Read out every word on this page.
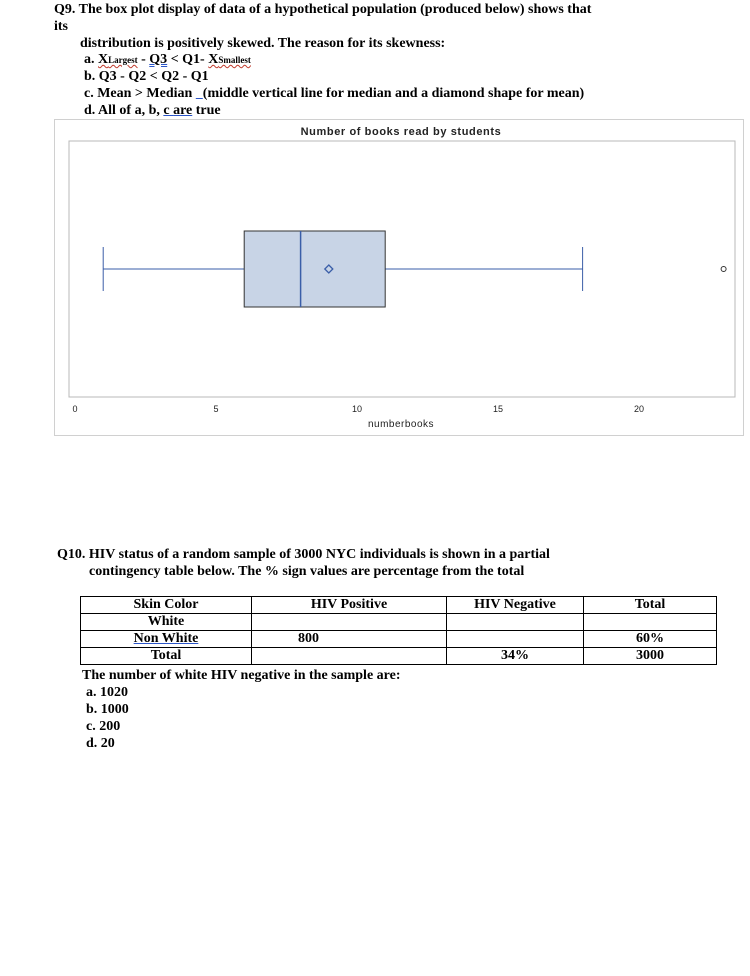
Q9. The box plot display of data of a hypothetical population (produced below) shows that
its
distribution is positively skewed. The reason for its skewness:
a. XLargest - Q3 < Q1- XSmallest
b. Q3 - Q2 < Q2 - Q1
c. Mean > Median   (middle vertical line for median and a diamond shape for mean)
d. All of a, b, c are true
Number of books read by students
0	5	10	15	20
numberbooks
Q10. HIV status of a random sample of 3000 NYC individuals is shown in a partial
contingency table below. The % sign values are percentage from the total
Skin Color	HIV Positive	HIV Negative	Total
White			
Non White	800		60%
Total		34%	3000
The number of white HIV negative in the sample are:
a. 1020
b. 1000
c. 200
d. 20
